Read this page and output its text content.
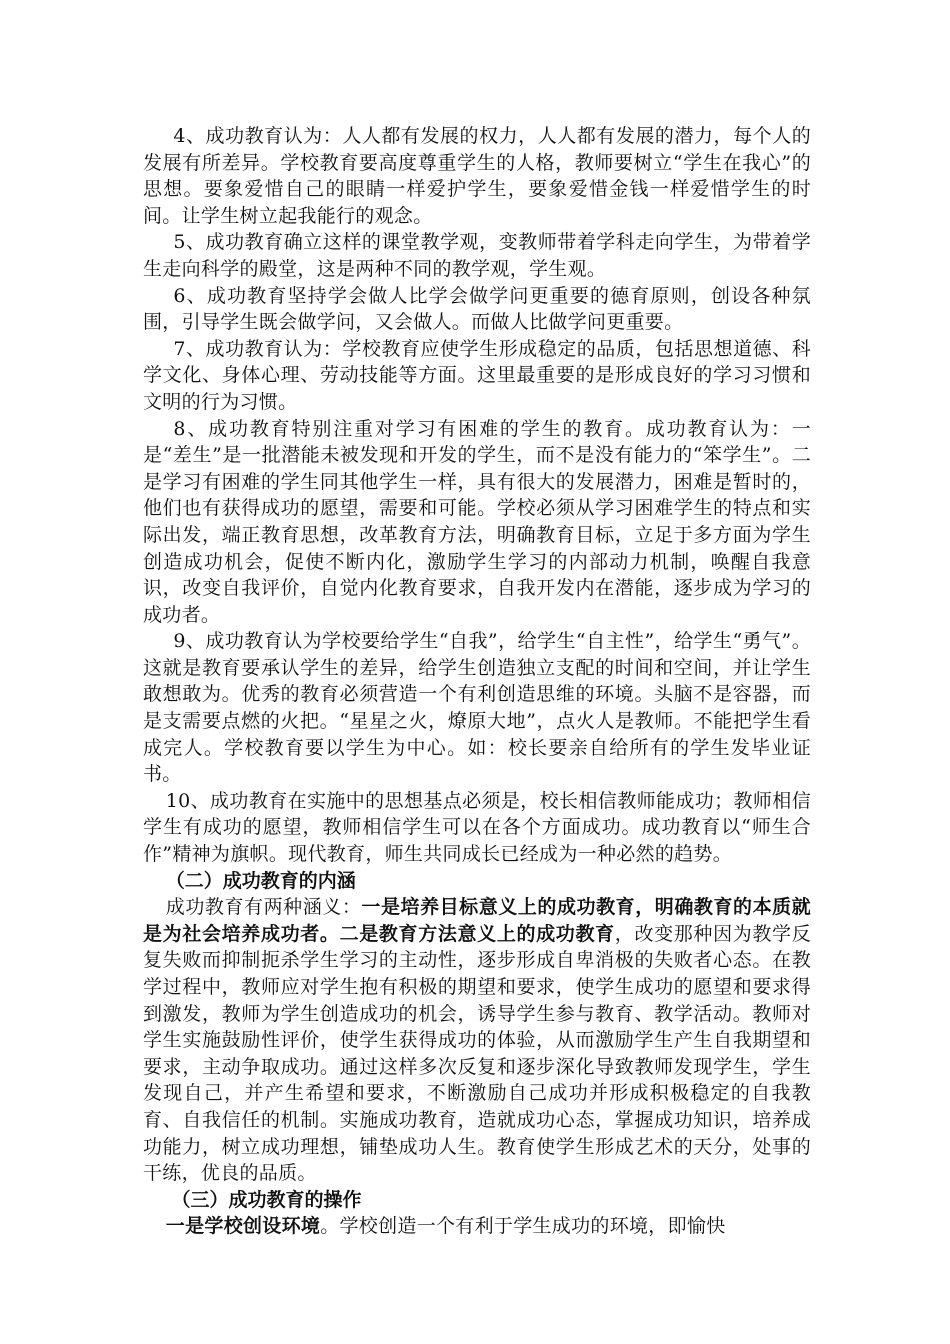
4、成功教育认为：人人都有发展的权力，人人都有发展的潜力，每个人的发展有所差异。学校教育要高度尊重学生的人格，教师要树立“学生在我心”的思想。要象爱惜自己的眼睛一样爱护学生，要象爱惜金钱一样爱惜学生的时间。让学生树立起我能行的观念。

5、成功教育确立这样的课堂教学观，变教师带着学科走向学生，为带着学生走向科学的殿堂，这是两种不同的教学观，学生观。

6、成功教育坚持学会做人比学会做学问更重要的德育原则，创设各种氛围，引导学生既会做学问，又会做人。而做人比做学问更重要。

7、成功教育认为：学校教育应使学生形成稳定的品质，包括思想道德、科学文化、身体心理、劳动技能等方面。这里最重要的是形成良好的学习习惯和文明的行为习惯。

8、成功教育特别注重对学习有困难的学生的教育。成功教育认为：一是“差生”是一批潜能未被发现和开发的学生，而不是没有能力的“笨学生”。二是学习有困难的学生同其他学生一样，具有很大的发展潜力，困难是暂时的，他们也有获得成功的愿望，需要和可能。学校必须从学习困难学生的特点和实际出发，端正教育思想，改革教育方法，明确教育目标，立足于多方面为学生创造成功机会，促使不断内化，激励学生学习的内部动力机制，唤醒自我意识，改变自我评价，自觉内化教育要求，自我开发内在潜能，逐步成为学习的成功者。

9、成功教育认为学校要给学生“自我”，给学生“自主性”，给学生“勇气”。这就是教育要承认学生的差异，给学生创造独立支配的时间和空间，并让学生敢想敢为。优秀的教育必须营造一个有利创造思维的环境。头脑不是容器，而是支需要点燃的火把。“星星之火，燎原大地”，点火人是教师。不能把学生看成完人。学校教育要以学生为中心。如：校长要亲自给所有的学生发毕业证书。

10、成功教育在实施中的思想基点必须是，校长相信教师能成功；教师相信学生有成功的愿望，教师相信学生可以在各个方面成功。成功教育以“师生合作”精神为旗帜。现代教育，师生共同成长已经成为一种必然的趋势。

（二）成功教育的内涵

成功教育有两种涵义：一是培养目标意义上的成功教育，明确教育的本质就是为社会培养成功者。二是教育方法意义上的成功教育，改变那种因为教学反复失败而抑制扼杀学生学习的主动性，逐步形成自卑消极的失败者心态。在教学过程中，教师应对学生抱有积极的期望和要求，使学生成功的愿望和要求得到激发，教师为学生创造成功的机会，诱导学生参与教育、教学活动。教师对学生实施鼓励性评价，使学生获得成功的体验，从而激励学生产生自我期望和要求，主动争取成功。通过这样多次反复和逐步深化导致教师发现学生，学生发现自己，并产生希望和要求，不断激励自己成功并形成积极稳定的自我教育、自我信任的机制。实施成功教育，造就成功心态，掌握成功知识，培养成功能力，树立成功理想，铺垫成功人生。教育使学生形成艺术的天分，处事的干练，优良的品质。

（三）成功教育的操作

一是学校创设环境。学校创造一个有利于学生成功的环境，即愉快
